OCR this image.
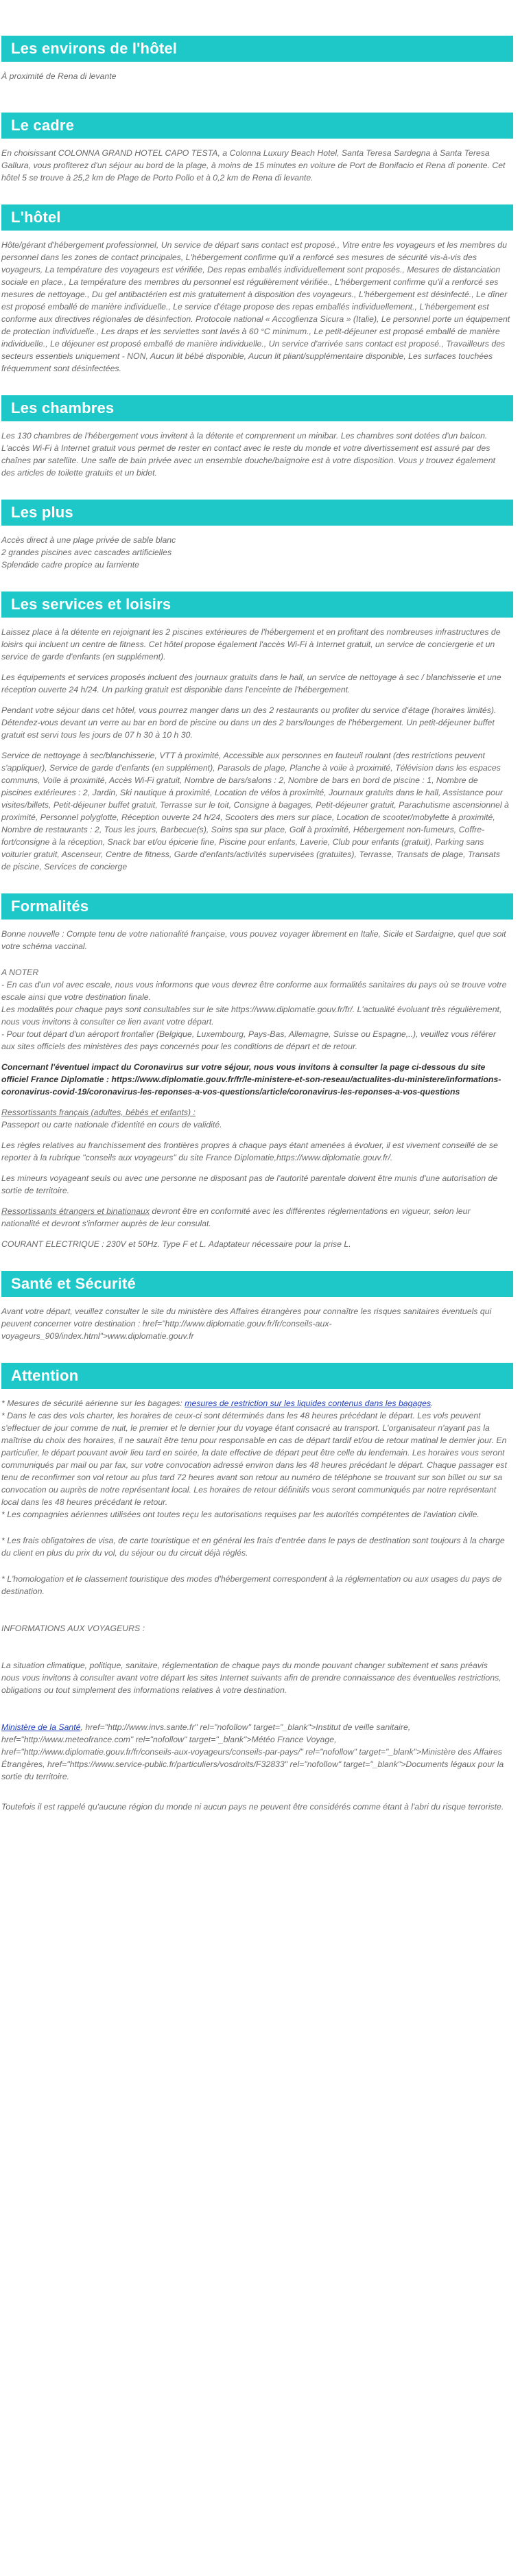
Les environs de l'hôtel

À proximité de Rena di levante

Le cadre

En choisissant COLONNA GRAND HOTEL CAPO TESTA, a Colonna Luxury Beach Hotel, Santa Teresa Sardegna à Santa Teresa Gallura, vous profiterez d'un séjour au bord de la plage, à moins de 15 minutes en voiture de Port de Bonifacio et Rena di ponente. Cet hôtel 5 se trouve à 25,2 km de Plage de Porto Pollo et à 0,2 km de Rena di levante.

L'hôtel

Hôte/gérant d'hébergement professionnel, Un service de départ sans contact est proposé., Vitre entre les voyageurs et les membres du personnel dans les zones de contact principales, L'hébergement confirme qu'il a renforcé ses mesures de sécurité vis-à-vis des voyageurs, La température des voyageurs est vérifiée, Des repas emballés individuellement sont proposés., Mesures de distanciation sociale en place., La température des membres du personnel est régulièrement vérifiée., L'hébergement confirme qu'il a renforcé ses mesures de nettoyage., Du gel antibactérien est mis gratuitement à disposition des voyageurs., L'hébergement est désinfecté., Le dîner est proposé emballé de manière individuelle., Le service d'étage propose des repas emballés individuellement., L'hébergement est conforme aux directives régionales de désinfection. Protocole national « Accoglienza Sicura » (Italie), Le personnel porte un équipement de protection individuelle., Les draps et les serviettes sont lavés à 60 °C minimum., Le petit-déjeuner est proposé emballé de manière individuelle., Le déjeuner est proposé emballé de manière individuelle., Un service d'arrivée sans contact est proposé., Travailleurs des secteurs essentiels uniquement - NON, Aucun lit bébé disponible, Aucun lit pliant/supplémentaire disponible, Les surfaces touchées fréquemment sont désinfectées.

Les chambres

Les 130 chambres de l'hébergement vous invitent à la détente et comprennent un minibar. Les chambres sont dotées d'un balcon. L'accès Wi-Fi à Internet gratuit vous permet de rester en contact avec le reste du monde et votre divertissement est assuré par des chaînes par satellite. Une salle de bain privée avec un ensemble douche/baignoire est à votre disposition. Vous y trouvez également des articles de toilette gratuits et un bidet.

Les plus

Accès direct à une plage privée de sable blanc

2 grandes piscines avec cascades artificielles

Splendide cadre propice au farniente

Les services et loisirs

Laissez place à la détente en rejoignant les 2 piscines extérieures de l'hébergement et en profitant des nombreuses infrastructures de loisirs qui incluent un centre de fitness. Cet hôtel propose également l'accès Wi-Fi à Internet gratuit, un service de conciergerie et un service de garde d'enfants (en supplément).

Les équipements et services proposés incluent des journaux gratuits dans le hall, un service de nettoyage à sec / blanchisserie et une réception ouverte 24 h/24. Un parking gratuit est disponible dans l'enceinte de l'hébergement.

Pendant votre séjour dans cet hôtel, vous pourrez manger dans un des 2 restaurants ou profiter du service d'étage (horaires limités). Détendez-vous devant un verre au bar en bord de piscine ou dans un des 2 bars/lounges de l'hébergement. Un petit-déjeuner buffet gratuit est servi tous les jours de 07 h 30 à 10 h 30.

Service de nettoyage à sec/blanchisserie, VTT à proximité, Accessible aux personnes en fauteuil roulant (des restrictions peuvent s'appliquer), Service de garde d'enfants (en supplément), Parasols de plage, Planche à voile à proximité, Télévision dans les espaces communs, Voile à proximité, Accès Wi-Fi gratuit, Nombre de bars/salons : 2, Nombre de bars en bord de piscine : 1, Nombre de piscines extérieures : 2, Jardin, Ski nautique à proximité, Location de vélos à proximité, Journaux gratuits dans le hall, Assistance pour visites/billets, Petit-déjeuner buffet gratuit, Terrasse sur le toit, Consigne à bagages, Petit-déjeuner gratuit, Parachutisme ascensionnel à proximité, Personnel polyglotte, Réception ouverte 24 h/24, Scooters des mers sur place, Location de scooter/mobylette à proximité, Nombre de restaurants : 2, Tous les jours, Barbecue(s), Soins spa sur place, Golf à proximité, Hébergement non-fumeurs, Coffre-fort/consigne à la réception, Snack bar et/ou épicerie fine, Piscine pour enfants, Laverie, Club pour enfants (gratuit), Parking sans voiturier gratuit, Ascenseur, Centre de fitness, Garde d'enfants/activités supervisées (gratuites), Terrasse, Transats de plage, Transats de piscine, Services de concierge

Formalités

Bonne nouvelle : Compte tenu de votre nationalité française, vous pouvez voyager librement en Italie, Sicile et Sardaigne, quel que soit votre schéma vaccinal.

A NOTER

- En cas d'un vol avec escale, nous vous informons que vous devrez être conforme aux formalités sanitaires du pays où se trouve votre escale ainsi que votre destination finale.

Les modalités pour chaque pays sont consultables sur le site https://www.diplomatie.gouv.fr/fr/. L'actualité évoluant très régulièrement, nous vous invitons à consulter ce lien avant votre départ.

- Pour tout départ d'un aéroport frontalier (Belgique, Luxembourg, Pays-Bas, Allemagne, Suisse ou Espagne,..), veuillez vous référer aux sites officiels des ministères des pays concernés pour les conditions de départ et de retour.

Concernant l'éventuel impact du Coronavirus sur votre séjour, nous vous invitons à consulter la page ci-dessous du site officiel France Diplomatie : https://www.diplomatie.gouv.fr/fr/le-ministere-et-son-reseau/actualites-du-ministere/informations-coronavirus-covid-19/coronavirus-les-reponses-a-vos-questions/article/coronavirus-les-reponses-a-vos-questions

Ressortissants français (adultes, bébés et enfants) :

Passeport ou carte nationale d'identité en cours de validité.

Les règles relatives au franchissement des frontières propres à chaque pays étant amenées à évoluer, il est vivement conseillé de se reporter à la rubrique "conseils aux voyageurs" du site France Diplomatie,https://www.diplomatie.gouv.fr/.

Les mineurs voyageant seuls ou avec une personne ne disposant pas de l'autorité parentale doivent être munis d'une autorisation de sortie de territoire.

Ressortissants étrangers et binationaux devront être en conformité avec les différentes réglementations en vigueur, selon leur nationalité et devront s'informer auprès de leur consulat.

COURANT ELECTRIQUE : 230V et 50Hz. Type F et L. Adaptateur nécessaire pour la prise L.

Santé et Sécurité

Avant votre départ, veuillez consulter le site du ministère des Affaires étrangères pour connaître les risques sanitaires éventuels qui peuvent concerner votre destination : href="http://www.diplomatie.gouv.fr/fr/conseils-aux-voyageurs_909/index.html">www.diplomatie.gouv.fr

Attention

* Mesures de sécurité aérienne sur les bagages: mesures de restriction sur les liquides contenus dans les bagages.

* Dans le cas des vols charter, les horaires de ceux-ci sont déterminés dans les 48 heures précédant le départ. Les vols peuvent s'effectuer de jour comme de nuit, le premier et le dernier jour du voyage étant consacré au transport. L'organisateur n'ayant pas la maîtrise du choix des horaires, il ne saurait être tenu pour responsable en cas de départ tardif et/ou de retour matinal le dernier jour. En particulier, le départ pouvant avoir lieu tard en soirée, la date effective de départ peut être celle du lendemain. Les horaires vous seront communiqués par mail ou par fax, sur votre convocation adressé environ dans les 48 heures précédant le départ. Chaque passager est tenu de reconfirmer son vol retour au plus tard 72 heures avant son retour au numéro de téléphone se trouvant sur son billet ou sur sa convocation ou auprès de notre représentant local. Les horaires de retour définitifs vous seront communiqués par notre représentant local dans les 48 heures précédant le retour.

* Les compagnies aériennes utilisées ont toutes reçu les autorisations requises par les autorités compétentes de l'aviation civile.

* Les frais obligatoires de visa, de carte touristique et en général les frais d'entrée dans le pays de destination sont toujours à la charge du client en plus du prix du vol, du séjour ou du circuit déjà réglés.

* L'homologation et le classement touristique des modes d'hébergement correspondent à la réglementation ou aux usages du pays de destination.

INFORMATIONS AUX VOYAGEURS :

La situation climatique, politique, sanitaire, réglementation de chaque pays du monde pouvant changer subitement et sans préavis
nous vous invitons à consulter avant votre départ les sites Internet suivants afin de prendre connaissance des éventuelles restrictions, obligations ou tout simplement des informations relatives à votre destination.

Ministère de la Santé, href="http://www.invs.sante.fr" rel="nofollow" target="_blank">Institut de veille sanitaire, href="http://www.meteofrance.com" rel="nofollow" target="_blank">Météo France Voyage, href="http://www.diplomatie.gouv.fr/fr/conseils-aux-voyageurs/conseils-par-pays/" rel="nofollow" target="_blank">Ministère des Affaires Étrangères, href="https://www.service-public.fr/particuliers/vosdroits/F32833" rel="nofollow" target="_blank">Documents légaux pour la sortie du territoire.

Toutefois il est rappelé qu'aucune région du monde ni aucun pays ne peuvent être considérés comme étant à l'abri du risque terroriste.
